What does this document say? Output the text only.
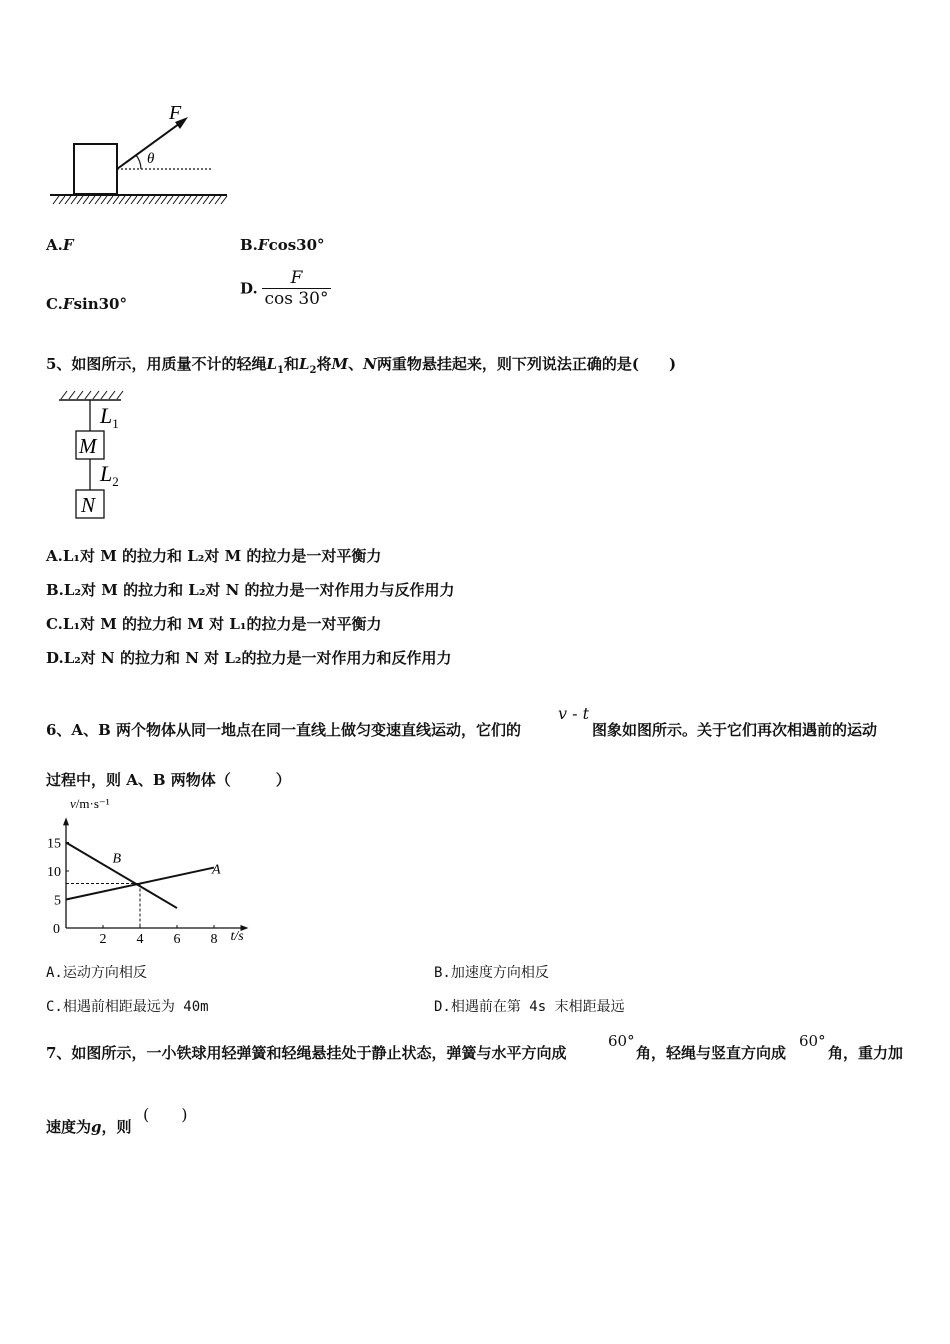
F
θ
A.F	B.Fcos30°
C.Fsin30°
D. $\frac{F}{\cos 30^\circ}$
5、如图所示，用质量不计的轻绳$L_1$和$L_2$将M、N两重物悬挂起来，则下列说法正确的是(　　)
$L_1$
M
$L_2$
N
A.L₁对 M 的拉力和 L₂对 M 的拉力是一对平衡力
B.L₂对 M 的拉力和 L₂对 N 的拉力是一对作用力与反作用力
C.L₁对 M 的拉力和 M 对 L₁的拉力是一对平衡力
D.L₂对 N 的拉力和 N 对 L₂的拉力是一对作用力和反作用力
6、A、B 两个物体从同一地点在同一直线上做匀变速直线运动，它们的
v - t
图象如图所示。关于它们再次相遇前的运动
过程中，则 A、B 两物体（　　　）
2 4 6 8
5
10
15
0
A
B
v/m·s⁻¹
t/s
A.运动方向相反	B.加速度方向相反
C.相遇前相距最远为 40m	D.相遇前在第 4s 末相距最远
7、如图所示，一小铁球用轻弹簧和轻绳悬挂处于静止状态，弹簧与水平方向成
60°
角，轻绳与竖直方向成
60°
角，重力加
速度为g，则
(　　)
